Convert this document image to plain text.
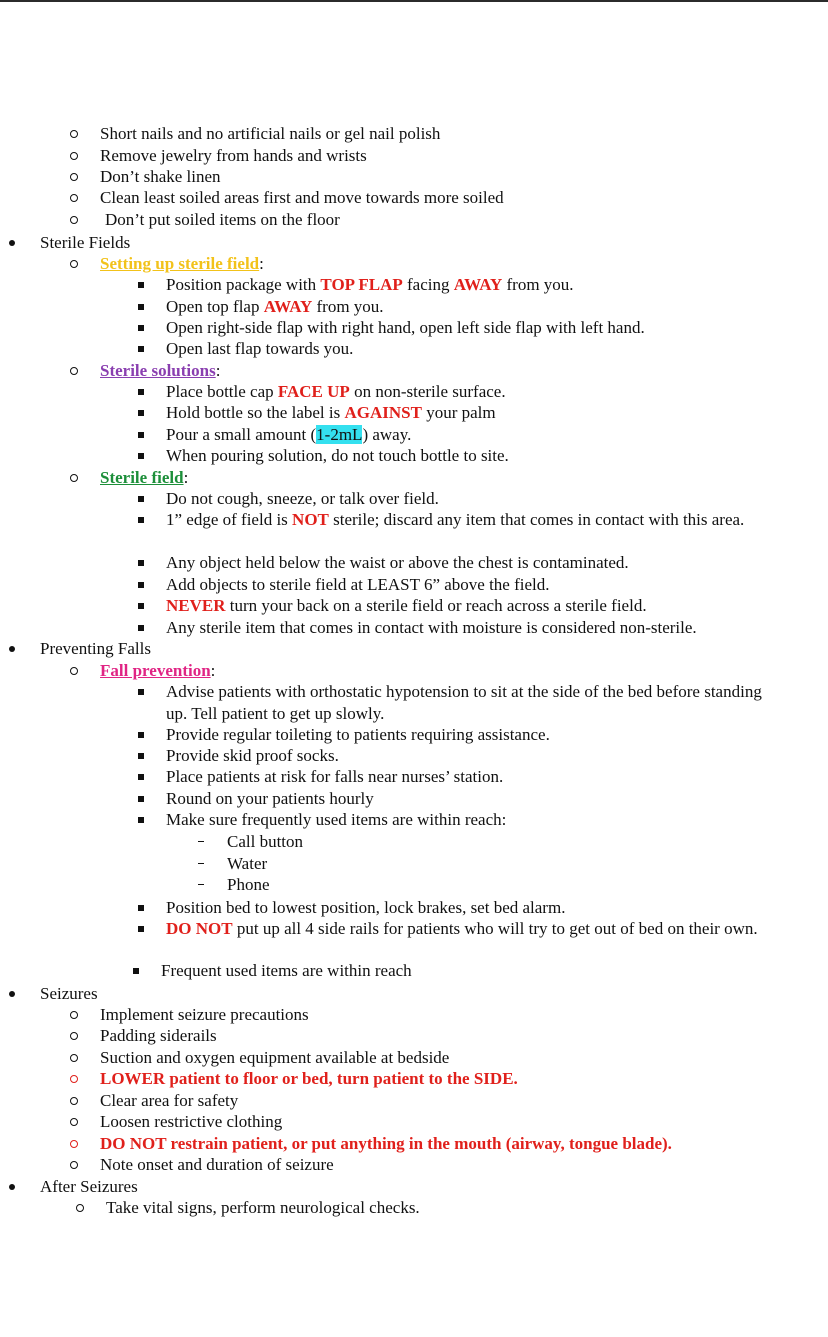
Short nails and no artificial nails or gel nail polish
Remove jewelry from hands and wrists
Don’t shake linen
Clean least soiled areas first and move towards more soiled
Don’t put soiled items on the floor
Sterile Fields
Setting up sterile field:
Position package with TOP FLAP facing AWAY from you.
Open top flap AWAY from you.
Open right-side flap with right hand, open left side flap with left hand.
Open last flap towards you.
Sterile solutions:
Place bottle cap FACE UP on non-sterile surface.
Hold bottle so the label is AGAINST your palm
Pour a small amount (1-2mL) away.
When pouring solution, do not touch bottle to site.
Sterile field:
Do not cough, sneeze, or talk over field.
1” edge of field is NOT sterile; discard any item that comes in contact with this area.
Any object held below the waist or above the chest is contaminated.
Add objects to sterile field at LEAST 6” above the field.
NEVER turn your back on a sterile field or reach across a sterile field.
Any sterile item that comes in contact with moisture is considered non-sterile.
Preventing Falls
Fall prevention:
Advise patients with orthostatic hypotension to sit at the side of the bed before standing up. Tell patient to get up slowly.
Provide regular toileting to patients requiring assistance.
Provide skid proof socks.
Place patients at risk for falls near nurses’ station.
Round on your patients hourly
Make sure frequently used items are within reach:
Call button
Water
Phone
Position bed to lowest position, lock brakes, set bed alarm.
DO NOT put up all 4 side rails for patients who will try to get out of bed on their own.
Frequent used items are within reach
Seizures
Implement seizure precautions
Padding siderails
Suction and oxygen equipment available at bedside
LOWER patient to floor or bed, turn patient to the SIDE.
Clear area for safety
Loosen restrictive clothing
DO NOT restrain patient, or put anything in the mouth (airway, tongue blade).
Note onset and duration of seizure
After Seizures
Take vital signs, perform neurological checks.
